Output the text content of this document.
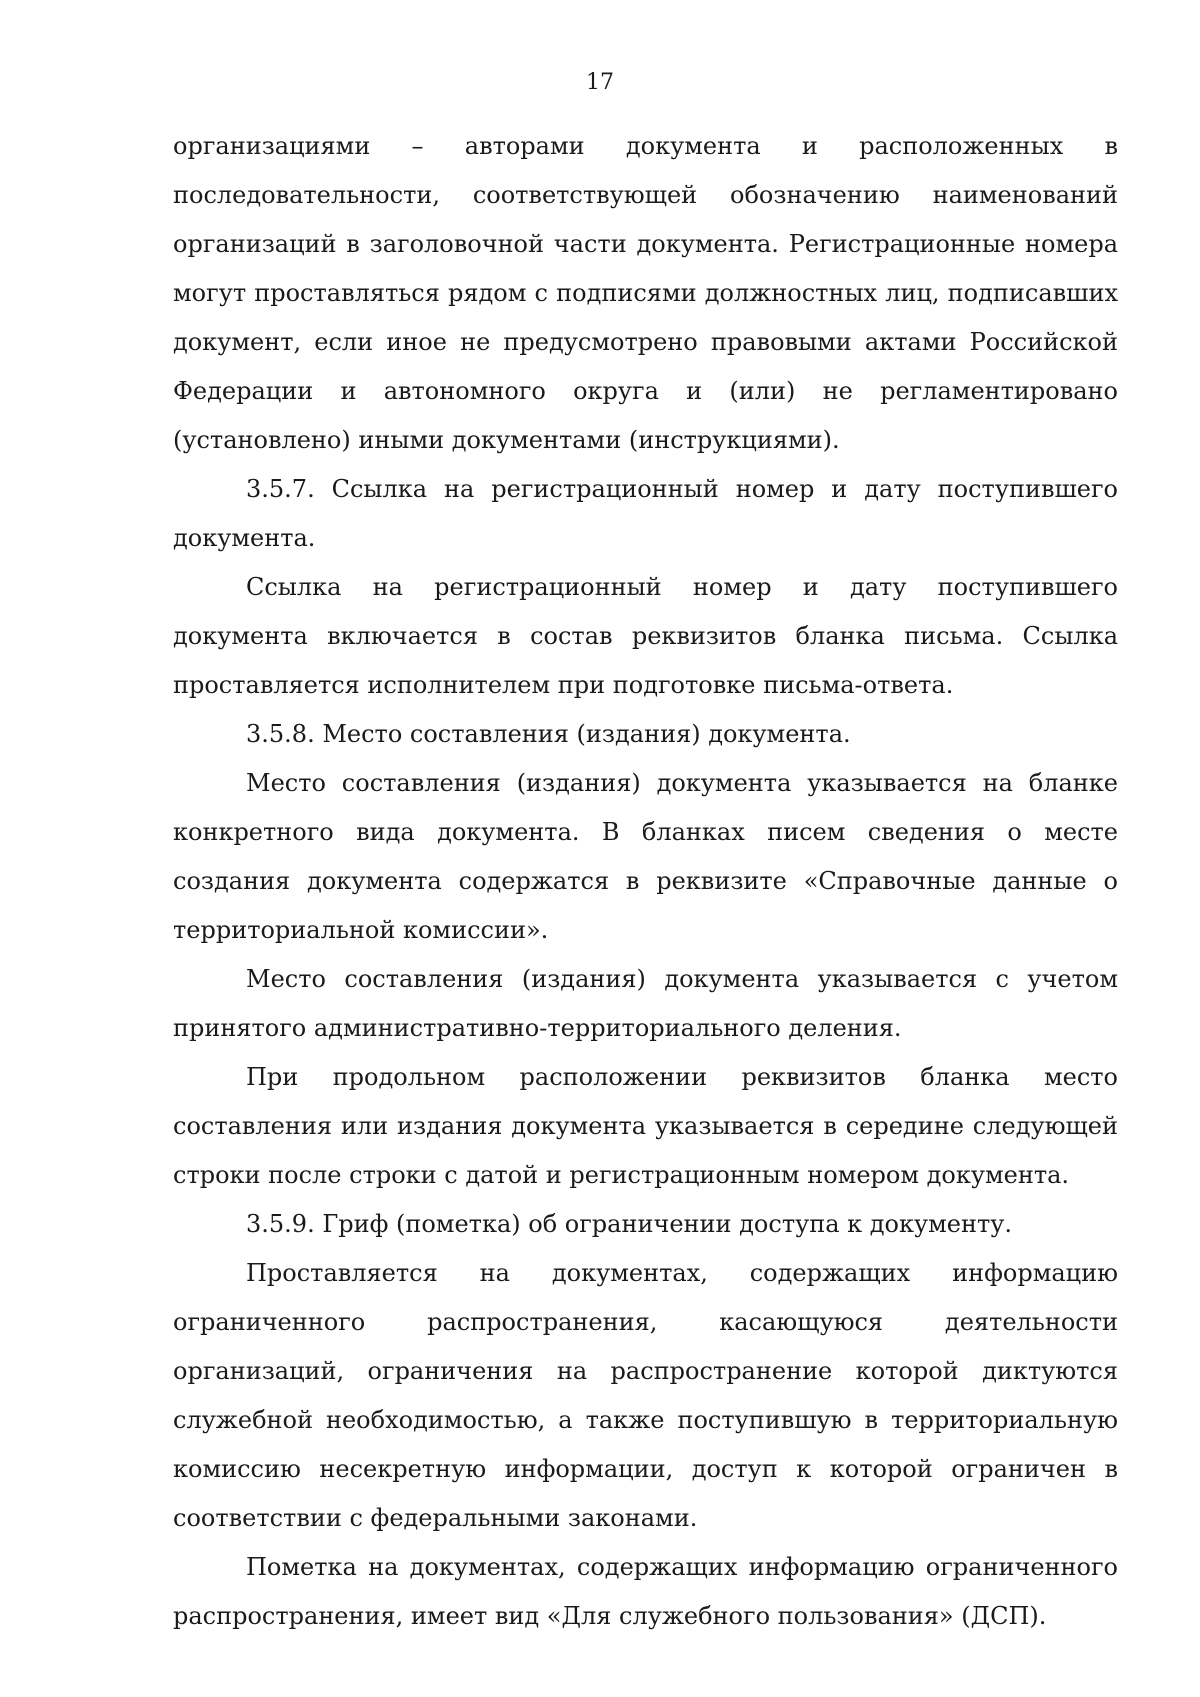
17

организациями – авторами документа и расположенных в последовательности, соответствующей обозначению наименований организаций в заголовочной части документа. Регистрационные номера могут проставляться рядом с подписями должностных лиц, подписавших документ, если иное не предусмотрено правовыми актами Российской Федерации и автономного округа и (или) не регламентировано (установлено) иными документами (инструкциями).

3.5.7. Ссылка на регистрационный номер и дату поступившего документа.

Ссылка на регистрационный номер и дату поступившего документа включается в состав реквизитов бланка письма. Ссылка проставляется исполнителем при подготовке письма-ответа.

3.5.8. Место составления (издания) документа.

Место составления (издания) документа указывается на бланке конкретного вида документа. В бланках писем сведения о месте создания документа содержатся в реквизите «Справочные данные о территориальной комиссии».

Место составления (издания) документа указывается с учетом принятого административно-территориального деления.

При продольном расположении реквизитов бланка место составления или издания документа указывается в середине следующей строки после строки с датой и регистрационным номером документа.

3.5.9. Гриф (пометка) об ограничении доступа к документу.

Проставляется на документах, содержащих информацию ограниченного распространения, касающуюся деятельности организаций, ограничения на распространение которой диктуются служебной необходимостью, а также поступившую в территориальную комиссию несекретную информации, доступ к которой ограничен в соответствии с федеральными законами.

Пометка на документах, содержащих информацию ограниченного распространения, имеет вид «Для служебного пользования» (ДСП).
